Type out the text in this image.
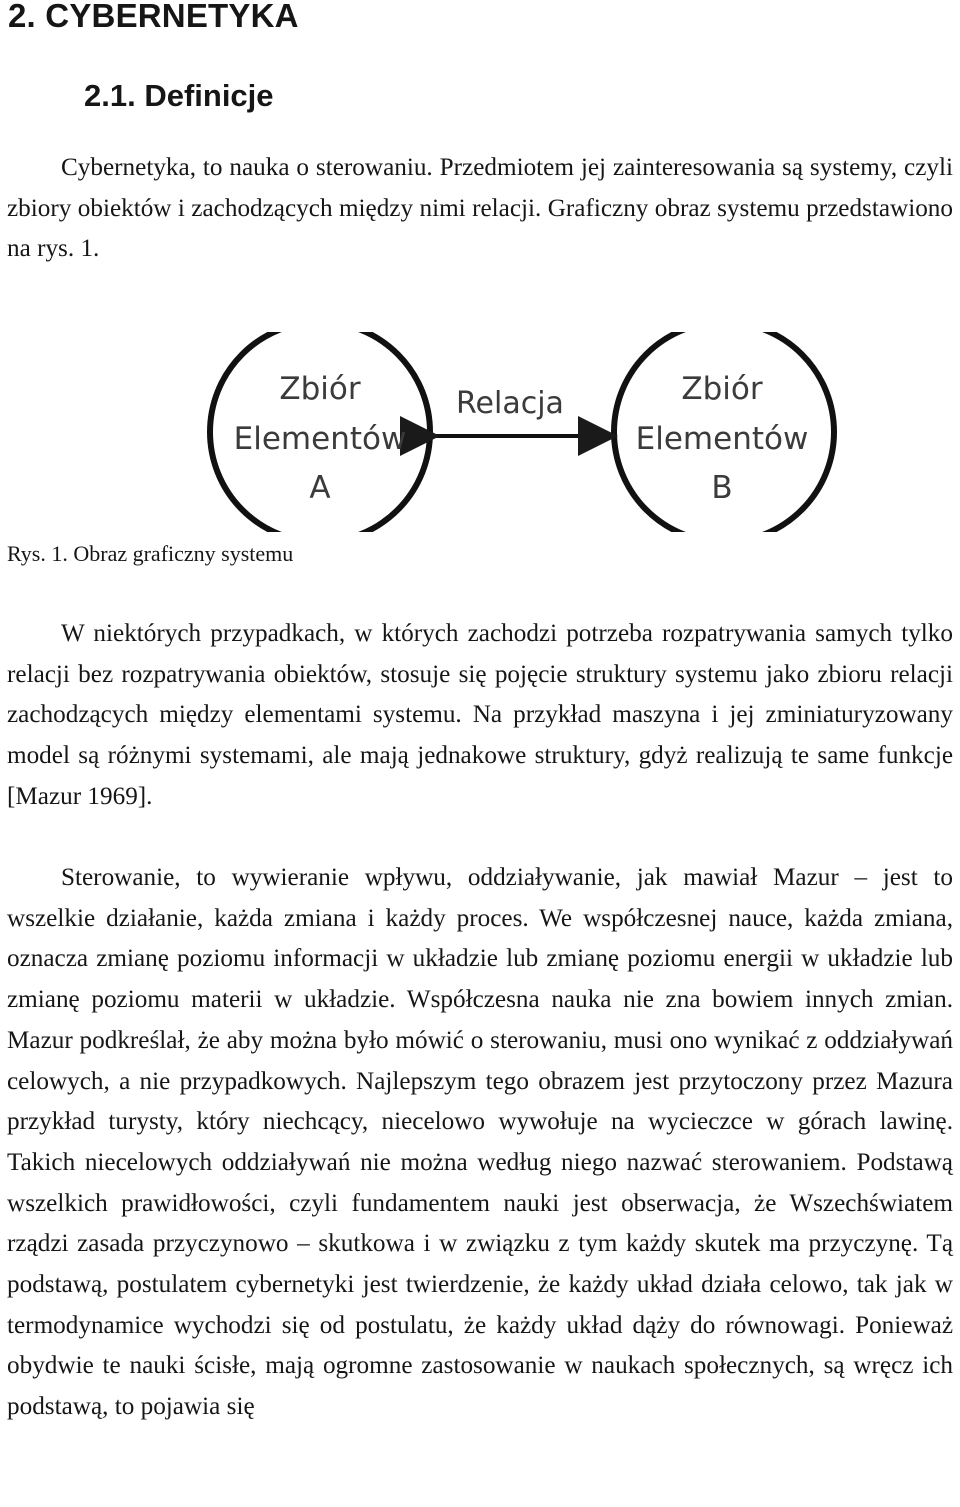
2. CYBERNETYKA
2.1. Definicje

Cybernetyka, to nauka o sterowaniu. Przedmiotem jej zainteresowania są systemy, czyli zbiory obiektów i zachodzących między nimi relacji. Graficzny obraz systemu przedstawiono na rys. 1.

Zbiór
Elementów
A
Relacja	Zbiór
Elementów
B

Rys. 1. Obraz graficzny systemu

W niektórych przypadkach, w których zachodzi potrzeba rozpatrywania samych tylko relacji bez rozpatrywania obiektów, stosuje się pojęcie struktury systemu jako zbioru relacji zachodzących między elementami systemu. Na przykład maszyna i jej zminiaturyzowany model są różnymi systemami, ale mają jednakowe struktury, gdyż realizują te same funkcje [Mazur 1969].

Sterowanie, to wywieranie wpływu, oddziaływanie, jak mawiał Mazur – jest to wszelkie działanie, każda zmiana i każdy proces. We współczesnej nauce, każda zmiana, oznacza zmianę poziomu informacji w układzie lub zmianę poziomu energii w układzie lub zmianę poziomu materii w układzie. Współczesna nauka nie zna bowiem innych zmian. Mazur podkreślał, że aby można było mówić o sterowaniu, musi ono wynikać z oddziaływań celowych, a nie przypadkowych. Najlepszym tego obrazem jest przytoczony przez Mazura przykład turysty, który niechcący, niecelowo wywołuje na wycieczce w górach lawinę. Takich niecelowych oddziaływań nie można według niego nazwać sterowaniem. Podstawą wszelkich prawidłowości, czyli fundamentem nauki jest obserwacja, że Wszechświatem rządzi zasada przyczynowo – skutkowa i w związku z tym każdy skutek ma przyczynę. Tą podstawą, postulatem cybernetyki jest twierdzenie, że każdy układ działa celowo, tak jak w termodynamice wychodzi się od postulatu, że każdy układ dąży do równowagi. Ponieważ obydwie te nauki ścisłe, mają ogromne zastosowanie w naukach społecznych, są wręcz ich podstawą, to pojawia się
